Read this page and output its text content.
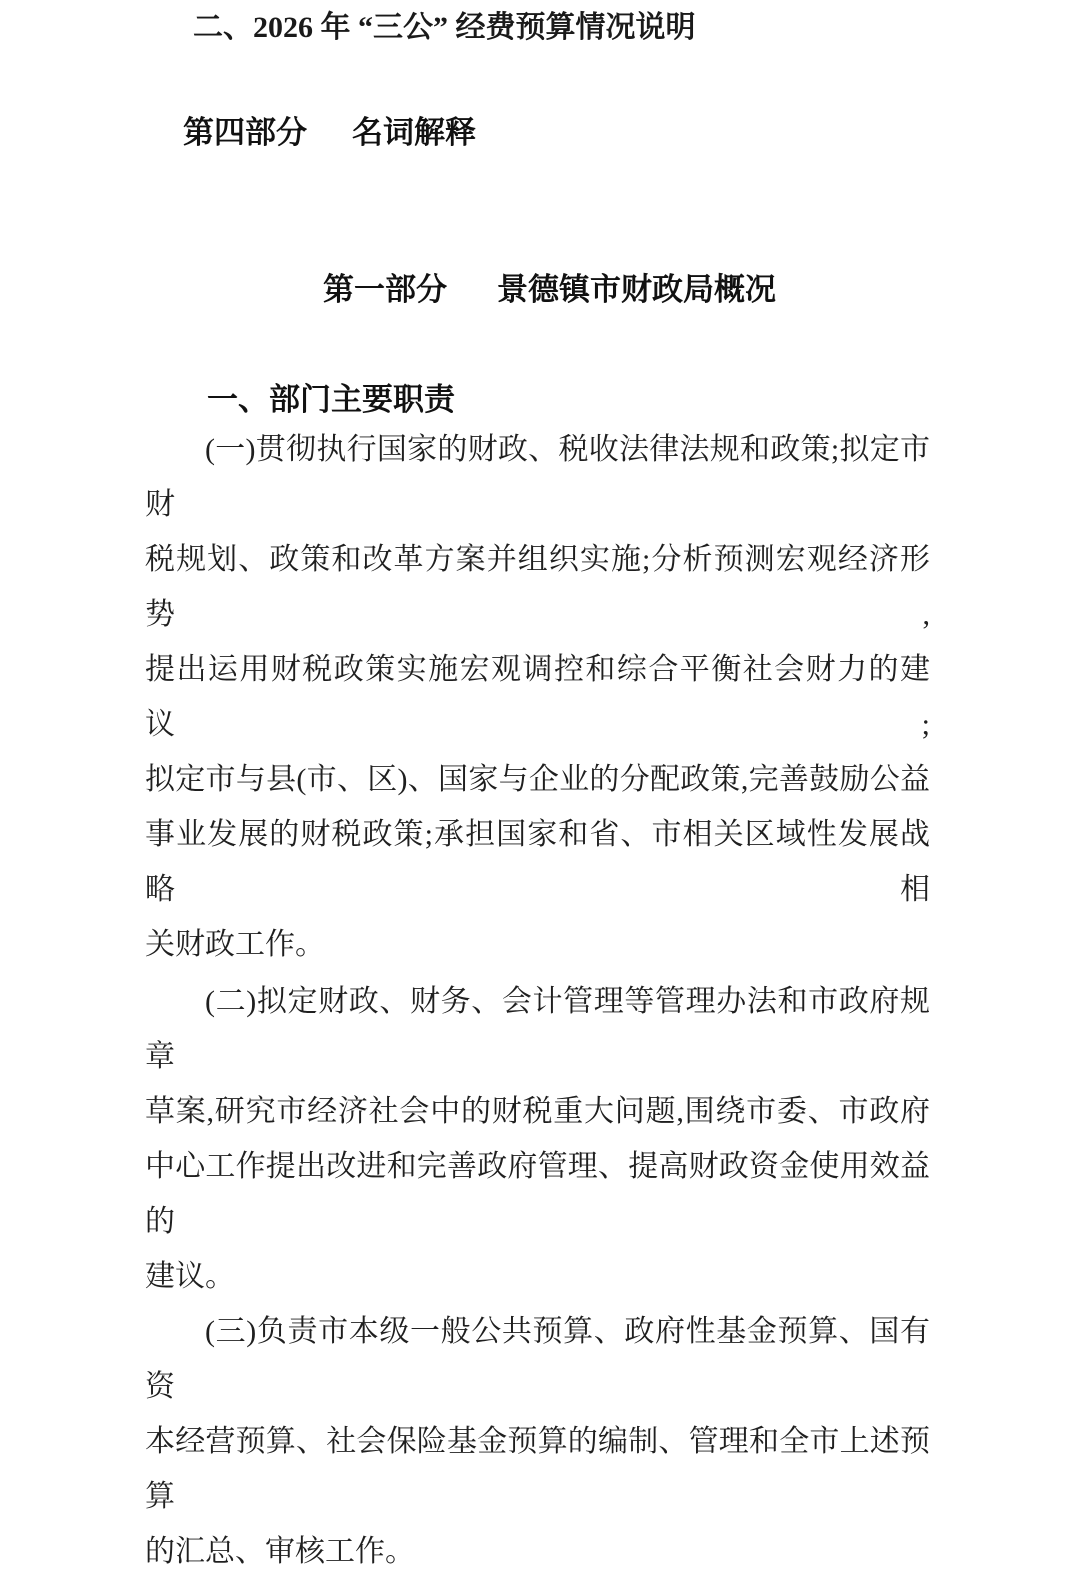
二、2026 年 “三公” 经费预算情况说明
第四部分 名词解释
第一部分 景德镇市财政局概况
一、部门主要职责
(一)贯彻执行国家的财政、税收法律法规和政策;拟定市财
税规划、政策和改革方案并组织实施;分析预测宏观经济形势,
提出运用财税政策实施宏观调控和综合平衡社会财力的建议;
拟定市与县(市、区)、国家与企业的分配政策,完善鼓励公益
事业发展的财税政策;承担国家和省、市相关区域性发展战略相
关财政工作。
(二)拟定财政、财务、会计管理等管理办法和市政府规章
草案,研究市经济社会中的财税重大问题,围绕市委、市政府
中心工作提出改进和完善政府管理、提高财政资金使用效益的
建议。
(三)负责市本级一般公共预算、政府性基金预算、国有资
本经营预算、社会保险基金预算的编制、管理和全市上述预算
的汇总、审核工作。
